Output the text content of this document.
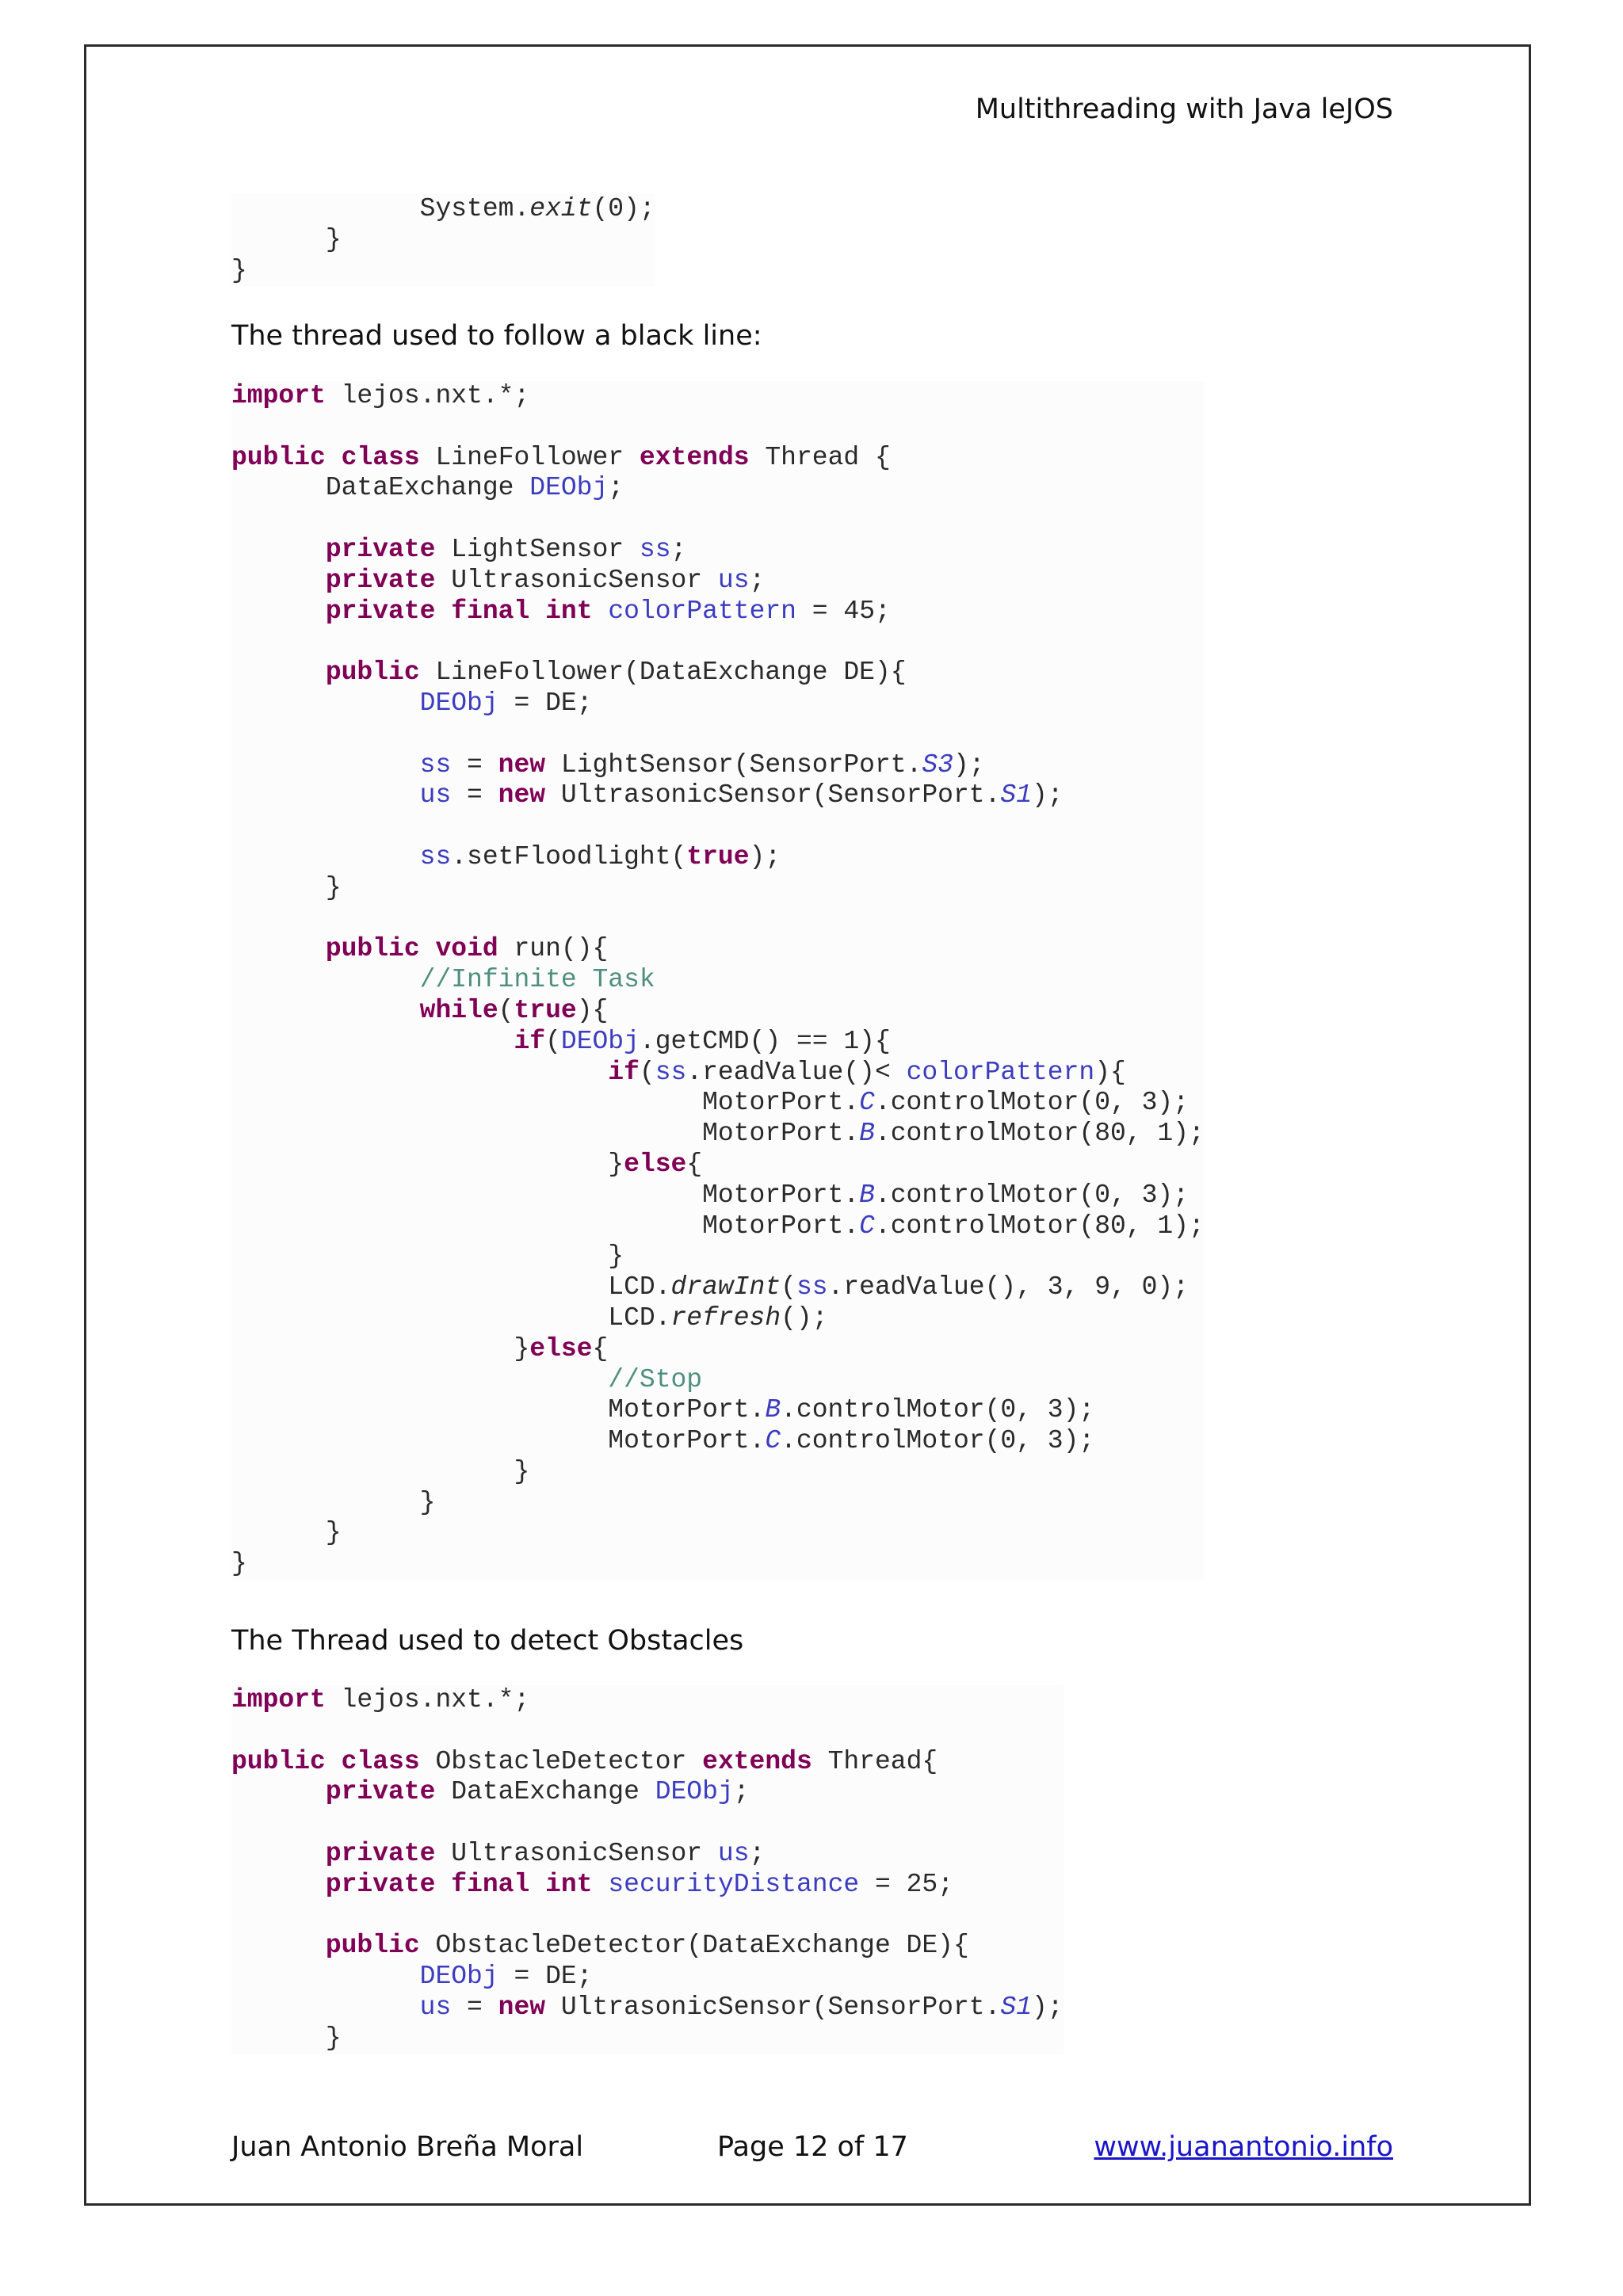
Multithreading with Java leJOS
System.exit(0);
}
}
The thread used to follow a black line:
import lejos.nxt.*;

public class LineFollower extends Thread {
DataExchange DEObj;

private LightSensor ss;
private UltrasonicSensor us;
private final int colorPattern = 45;

public LineFollower(DataExchange DE){
DEObj = DE;

ss = new LightSensor(SensorPort.S3);
us = new UltrasonicSensor(SensorPort.S1);

ss.setFloodlight(true);
}

public void run(){
//Infinite Task
while(true){
if(DEObj.getCMD() == 1){
if(ss.readValue()< colorPattern){
MotorPort.C.controlMotor(0, 3);
MotorPort.B.controlMotor(80, 1);
}else{
MotorPort.B.controlMotor(0, 3);
MotorPort.C.controlMotor(80, 1);
}
LCD.drawInt(ss.readValue(), 3, 9, 0);
LCD.refresh();
}else{
//Stop
MotorPort.B.controlMotor(0, 3);
MotorPort.C.controlMotor(0, 3);
}
}
}
}
The Thread used to detect Obstacles
import lejos.nxt.*;

public class ObstacleDetector extends Thread{
private DataExchange DEObj;

private UltrasonicSensor us;
private final int securityDistance = 25;

public ObstacleDetector(DataExchange DE){
DEObj = DE;
us = new UltrasonicSensor(SensorPort.S1);
}
Juan Antonio Breña Moral	Page 12 of 17	www.juanantonio.info
